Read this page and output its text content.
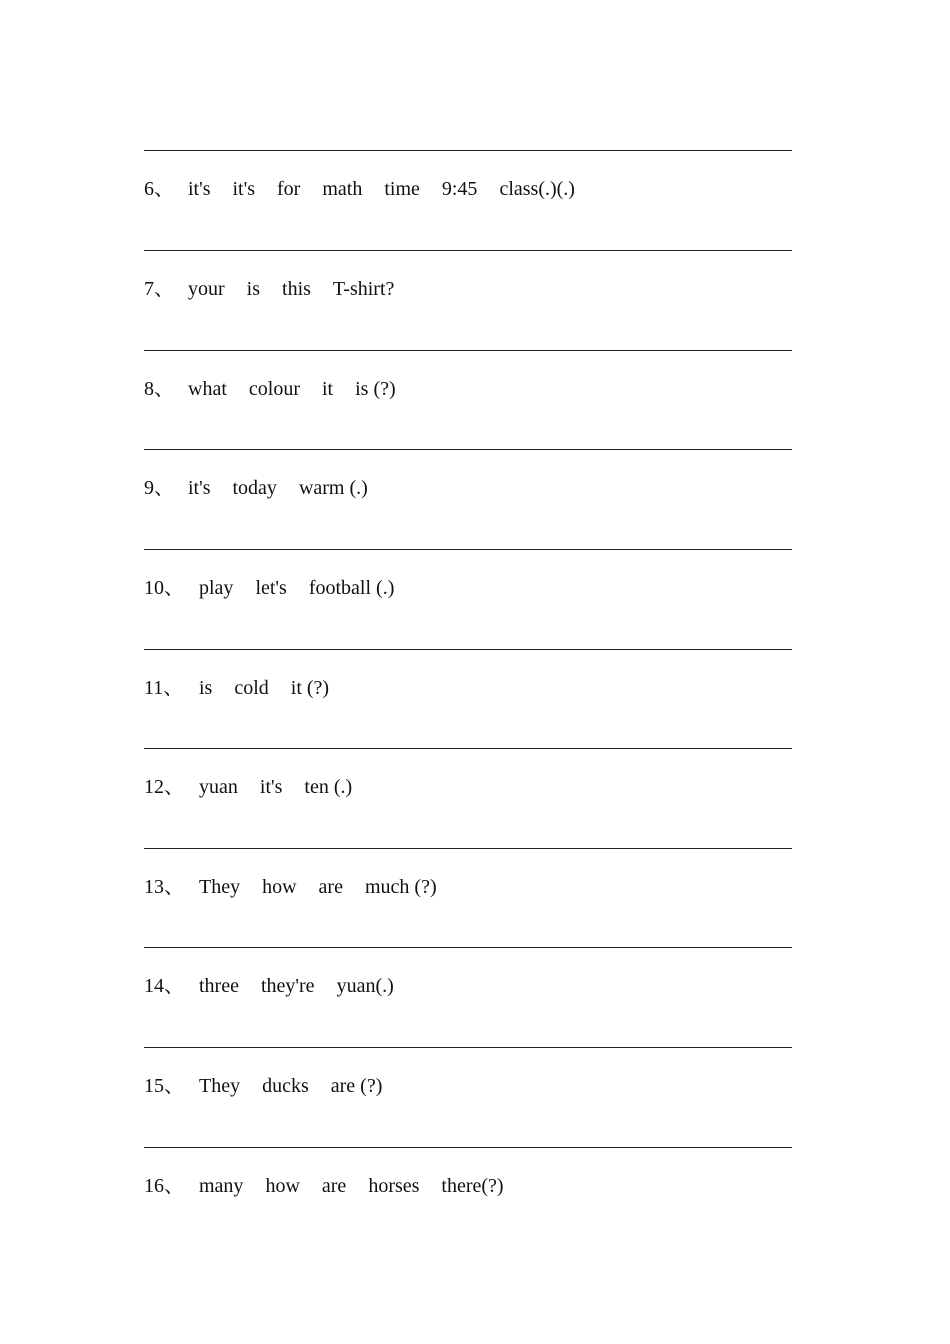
6、 it's it's for math time 9:45 class(.)(.)
7、 your is this T-shirt?
8、 what colour it is (?)
9、 it's today warm (.)
10、 play let's football (.)
11、 is cold it (?)
12、 yuan it's ten (.)
13、 They how are much (?)
14、 three they're yuan(.)
15、 They ducks are (?)
16、 many how are horses there(?)
